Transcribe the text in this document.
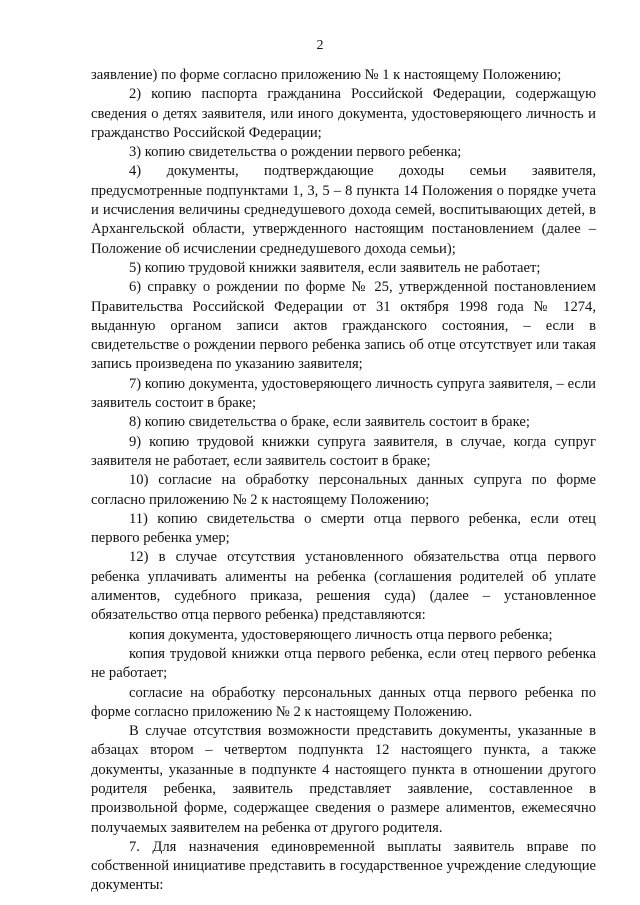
2

заявление) по форме согласно приложению № 1 к настоящему Положению;

2) копию паспорта гражданина Российской Федерации, содержащую сведения о детях заявителя, или иного документа, удостоверяющего личность и гражданство Российской Федерации;

3) копию свидетельства о рождении первого ребенка;

4) документы, подтверждающие доходы семьи заявителя, предусмотренные подпунктами 1, 3, 5 – 8 пункта 14 Положения о порядке учета и исчисления величины среднедушевого дохода семей, воспитывающих детей, в Архангельской области, утвержденного настоящим постановлением (далее – Положение об исчислении среднедушевого дохода семьи);

5) копию трудовой книжки заявителя, если заявитель не работает;

6) справку о рождении по форме № 25, утвержденной постановлением Правительства Российской Федерации от 31 октября 1998 года № 1274, выданную органом записи актов гражданского состояния, – если в свидетельстве о рождении первого ребенка запись об отце отсутствует или такая запись произведена по указанию заявителя;

7) копию документа, удостоверяющего личность супруга заявителя, – если заявитель состоит в браке;

8) копию свидетельства о браке, если заявитель состоит в браке;

9) копию трудовой книжки супруга заявителя, в случае, когда супруг заявителя не работает, если заявитель состоит в браке;

10) согласие на обработку персональных данных супруга по форме согласно приложению № 2 к настоящему Положению;

11) копию свидетельства о смерти отца первого ребенка, если отец первого ребенка умер;

12) в случае отсутствия установленного обязательства отца первого ребенка уплачивать алименты на ребенка (соглашения родителей об уплате алиментов, судебного приказа, решения суда) (далее – установленное обязательство отца первого ребенка) представляются:

копия документа, удостоверяющего личность отца первого ребенка;

копия трудовой книжки отца первого ребенка, если отец первого ребенка не работает;

согласие на обработку персональных данных отца первого ребенка по форме согласно приложению № 2 к настоящему Положению.

В случае отсутствия возможности представить документы, указанные в абзацах втором – четвертом подпункта 12 настоящего пункта, а также документы, указанные в подпункте 4 настоящего пункта в отношении другого родителя ребенка, заявитель представляет заявление, составленное в произвольной форме, содержащее сведения о размере алиментов, ежемесячно получаемых заявителем на ребенка от другого родителя.

7. Для назначения единовременной выплаты заявитель вправе по собственной инициативе представить в государственное учреждение следующие документы:
